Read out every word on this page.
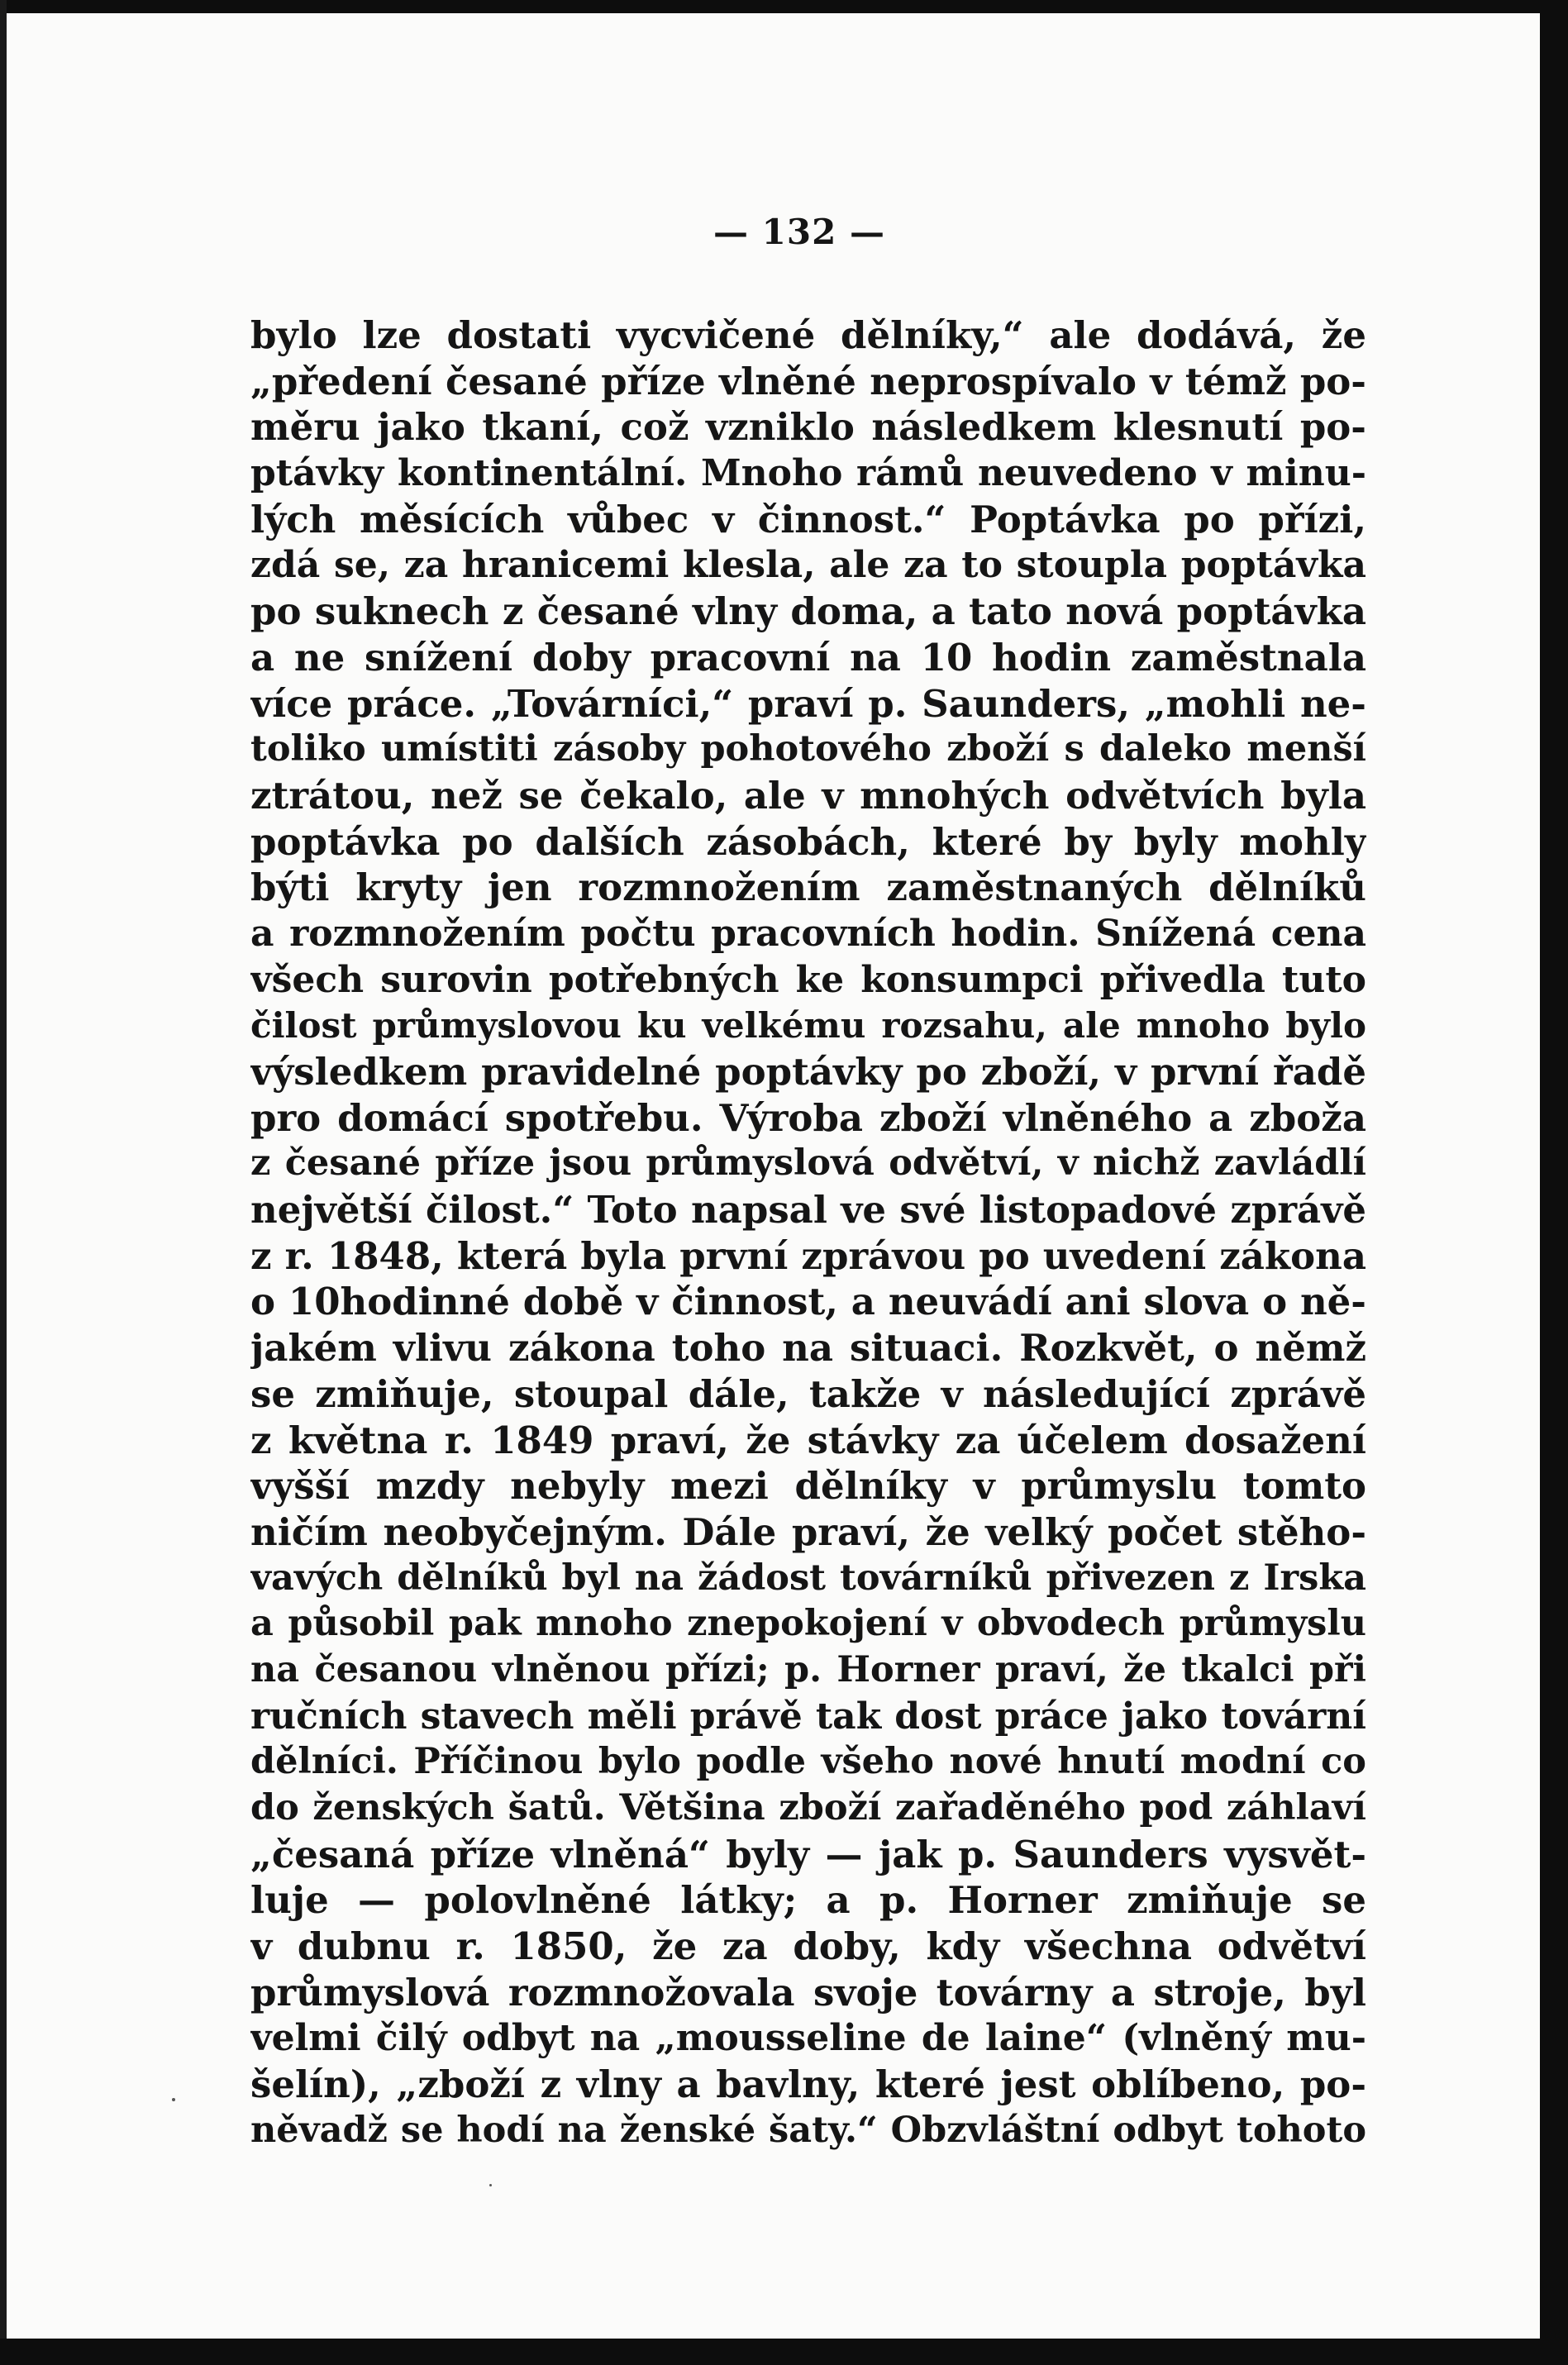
— 132 —
bylo lze dostati vycvičené dělníky,“ ale dodává, že
„předení česané příze vlněné neprospívalo v témž po-
měru jako tkaní, což vzniklo následkem klesnutí po-
ptávky kontinentální. Mnoho rámů neuvedeno v minu-
lých měsících vůbec v činnost.“ Poptávka po přízi,
zdá se, za hranicemi klesla, ale za to stoupla poptávka
po suknech z česané vlny doma, a tato nová poptávka
a ne snížení doby pracovní na 10 hodin zaměstnala
více práce. „Továrníci,“ praví p. Saunders, „mohli ne-
toliko umístiti zásoby pohotového zboží s daleko menší
ztrátou, než se čekalo, ale v mnohých odvětvích byla
poptávka po dalších zásobách, které by byly mohly
býti kryty jen rozmnožením zaměstnaných dělníků
a rozmnožením počtu pracovních hodin. Snížená cena
všech surovin potřebných ke konsumpci přivedla tuto
čilost průmyslovou ku velkému rozsahu, ale mnoho bylo
výsledkem pravidelné poptávky po zboží, v první řadě
pro domácí spotřebu. Výroba zboží vlněného a zboža
z česané příze jsou průmyslová odvětví, v nichž zavládlí
největší čilost.“ Toto napsal ve své listopadové zprávě
z r. 1848, která byla první zprávou po uvedení zákona
o 10hodinné době v činnost, a neuvádí ani slova o ně-
jakém vlivu zákona toho na situaci. Rozkvět, o němž
se zmiňuje, stoupal dále, takže v následující zprávě
z května r. 1849 praví, že stávky za účelem dosažení
vyšší mzdy nebyly mezi dělníky v průmyslu tomto
ničím neobyčejným. Dále praví, že velký počet stěho-
vavých dělníků byl na žádost továrníků přivezen z Irska
a působil pak mnoho znepokojení v obvodech průmyslu
na česanou vlněnou přízi; p. Horner praví, že tkalci při
ručních stavech měli právě tak dost práce jako tovární
dělníci. Příčinou bylo podle všeho nové hnutí modní co
do ženských šatů. Většina zboží zařaděného pod záhlaví
„česaná příze vlněná“ byly — jak p. Saunders vysvět-
luje — polovlněné látky; a p. Horner zmiňuje se
v dubnu r. 1850, že za doby, kdy všechna odvětví
průmyslová rozmnožovala svoje továrny a stroje, byl
velmi čilý odbyt na „mousseline de laine“ (vlněný mu-
šelín), „zboží z vlny a bavlny, které jest oblíbeno, po-
něvadž se hodí na ženské šaty.“ Obzvláštní odbyt tohoto
